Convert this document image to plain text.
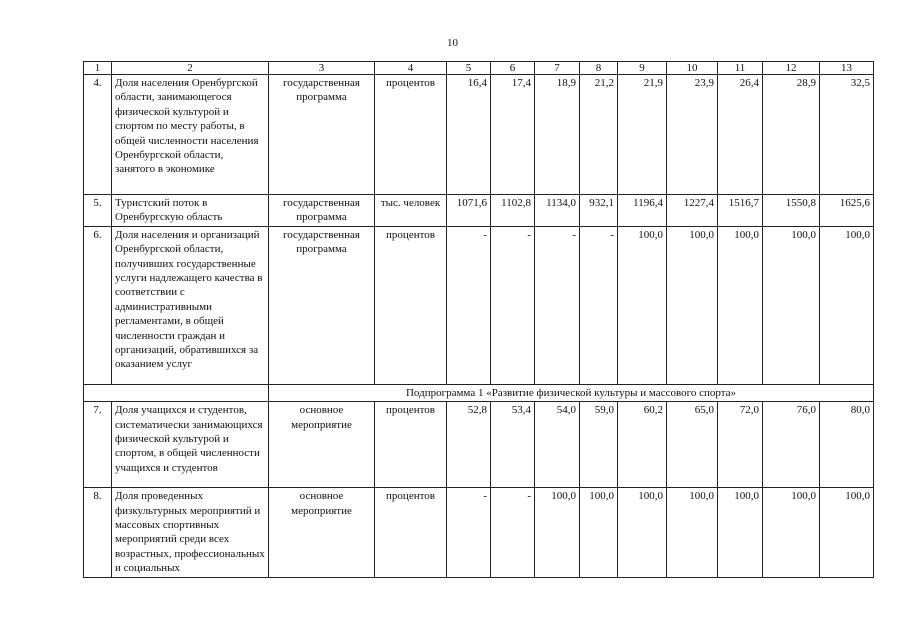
10
1	2	3	4	5	6	7	8	9	10	11	12	13
4.	Доля населения Оренбургской области, занимающегося физической культурой и спортом по месту работы, в общей численности населения Оренбургской области, занятого в экономике	государственная программа	процентов	16,4	17,4	18,9	21,2	21,9	23,9	26,4	28,9	32,5
5.	Туристский поток в Оренбургскую область	государственная программа	тыс. человек	1071,6	1102,8	1134,0	932,1	1196,4	1227,4	1516,7	1550,8	1625,6
6.	Доля населения и организаций Оренбургской области, получивших государственные услуги надлежащего качества в соответствии с административными регламентами, в общей численности граждан и организаций, обратившихся за оказанием услуг	государственная программа	процентов	-	-	-	-	100,0	100,0	100,0	100,0	100,0
		Подпрограмма 1 «Развитие физической культуры и массового спорта»										
7.	Доля учащихся и студентов, систематически занимающихся физической культурой и спортом, в общей численности учащихся и студентов	основное мероприятие	процентов	52,8	53,4	54,0	59,0	60,2	65,0	72,0	76,0	80,0
8.	Доля проведенных физкультурных мероприятий и массовых спортивных мероприятий среди всех возрастных, профессиональных и социальных	основное мероприятие	процентов	-	-	100,0	100,0	100,0	100,0	100,0	100,0	100,0
